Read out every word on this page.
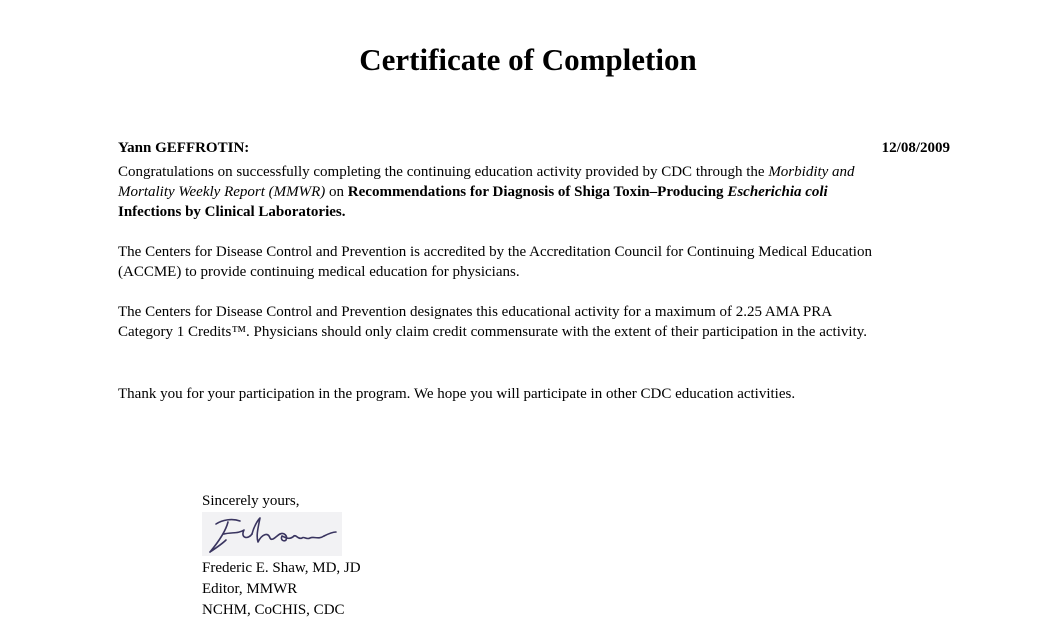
Certificate of Completion
Yann GEFFROTIN:	12/08/2009

Congratulations on successfully completing the continuing education activity provided by CDC through the Morbidity and Mortality Weekly Report (MMWR) on Recommendations for Diagnosis of Shiga Toxin–Producing Escherichia coli Infections by Clinical Laboratories.

The Centers for Disease Control and Prevention is accredited by the Accreditation Council for Continuing Medical Education (ACCME) to provide continuing medical education for physicians.

The Centers for Disease Control and Prevention designates this educational activity for a maximum of 2.25 AMA PRA Category 1 Credits™. Physicians should only claim credit commensurate with the extent of their participation in the activity.

Thank you for your participation in the program. We hope you will participate in other CDC education activities.

Sincerely yours,
Frederic E. Shaw, MD, JD
Editor, MMWR
NCHM, CoCHIS, CDC
